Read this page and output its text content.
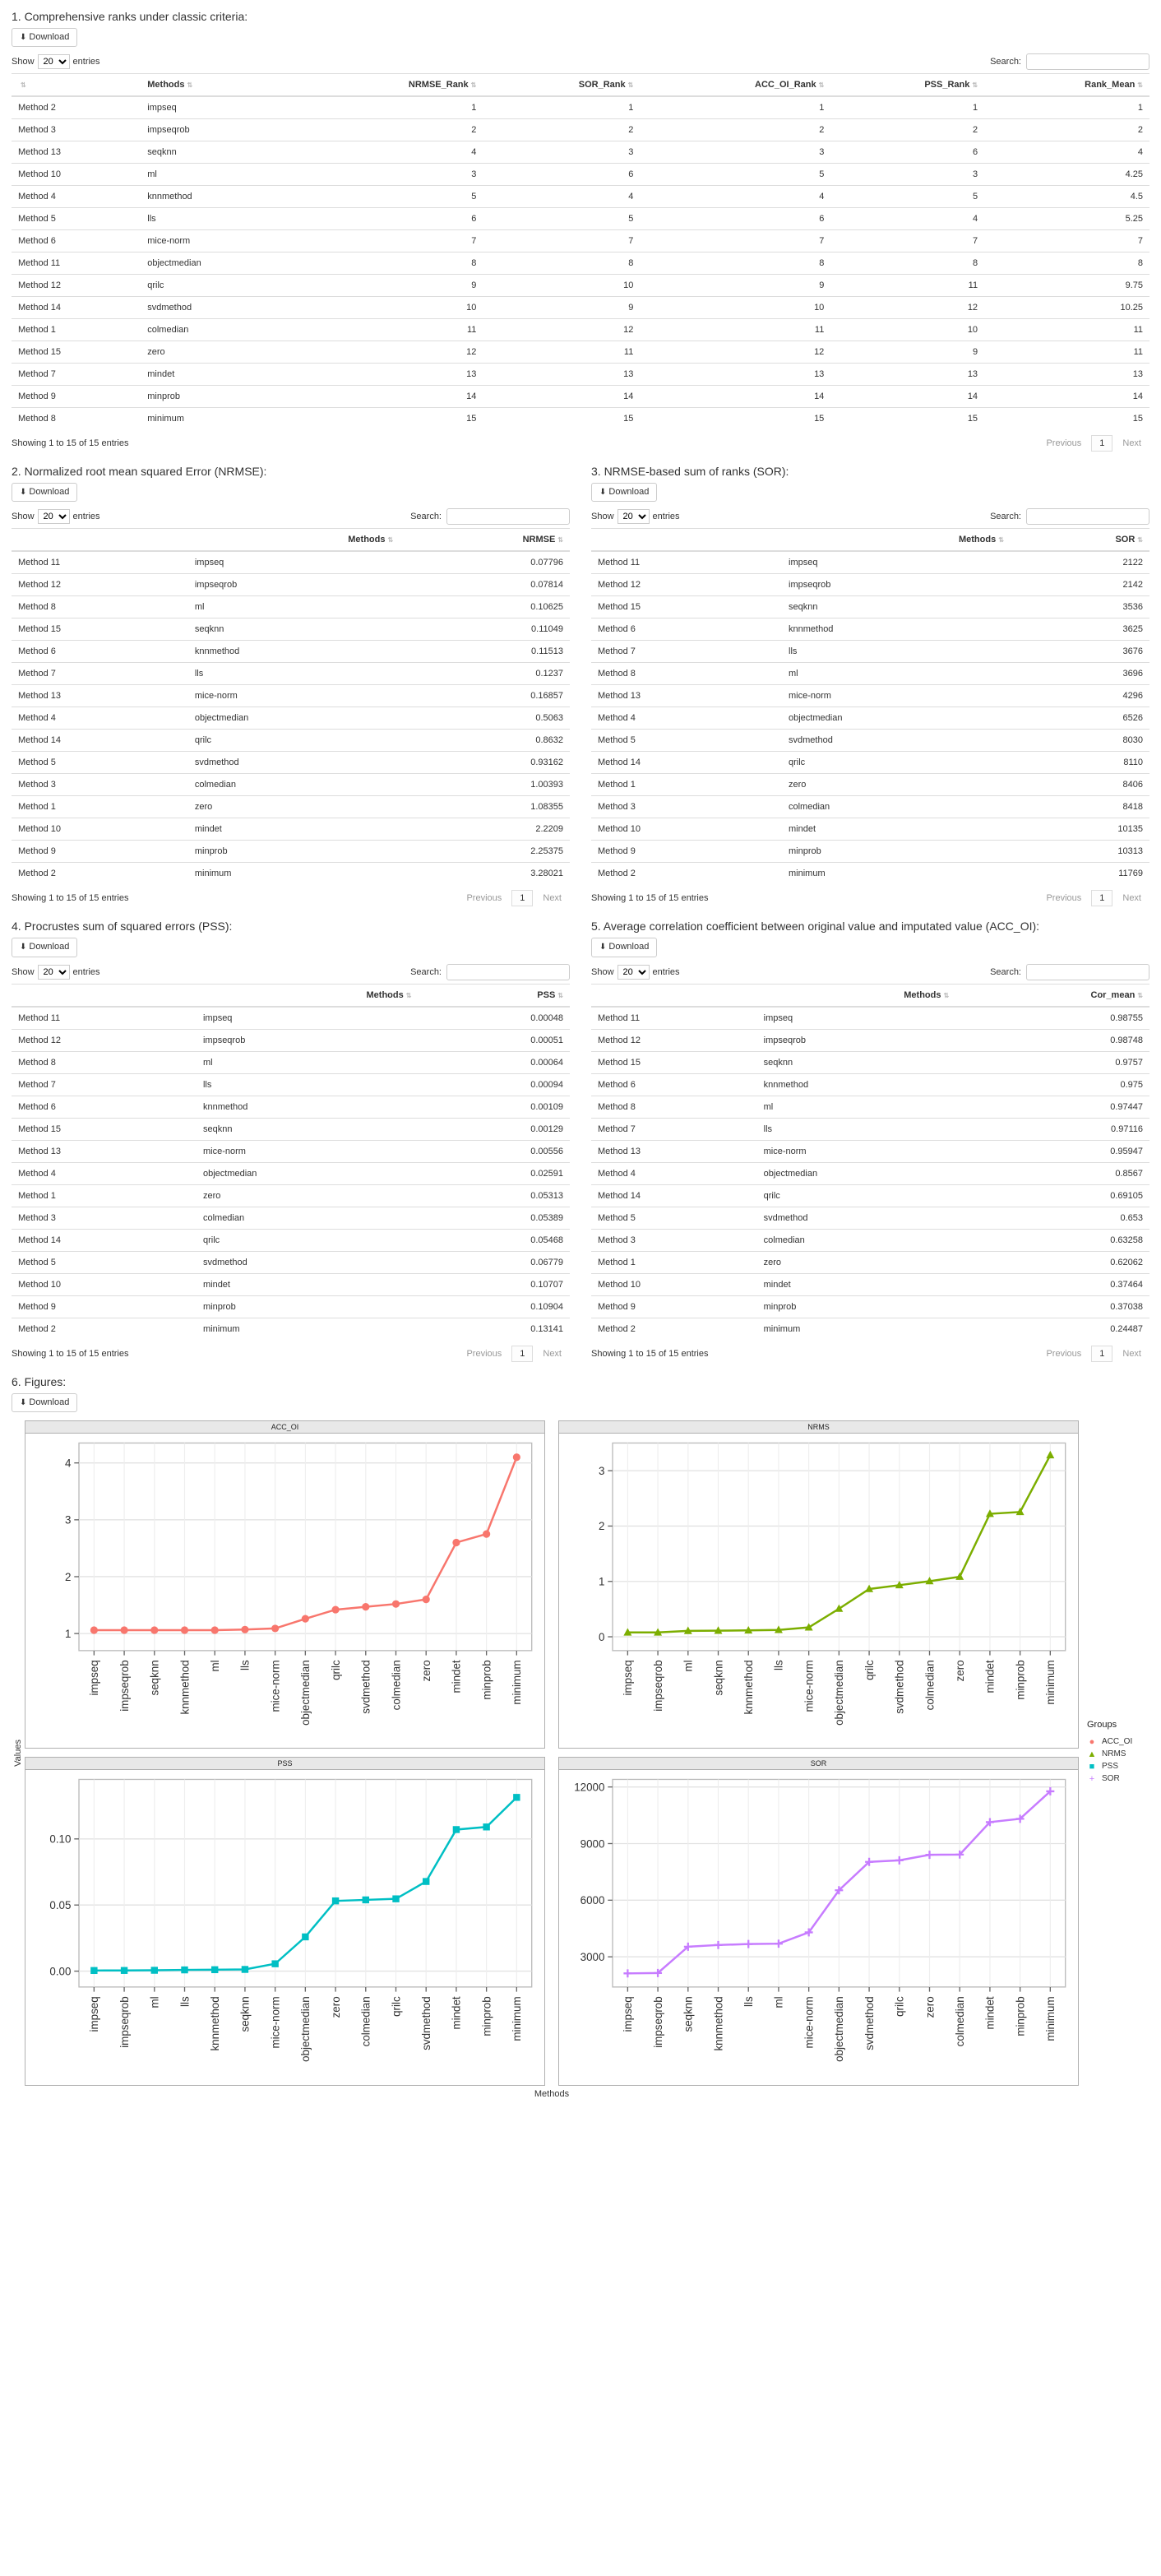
1. Comprehensive ranks under classic criteria:
⬇ Download
Show
20	entries	Search:
⇅	Methods ⇅	NRMSE_Rank ⇅	SOR_Rank ⇅	ACC_OI_Rank ⇅	PSS_Rank ⇅	Rank_Mean ⇅
Method 2	impseq	1	1	1	1	1
Method 3	impseqrob	2	2	2	2	2
Method 13	seqknn	4	3	3	6	4
Method 10	ml	3	6	5	3	4.25
Method 4	knnmethod	5	4	4	5	4.5
Method 5	lls	6	5	6	4	5.25
Method 6	mice-norm	7	7	7	7	7
Method 11	objectmedian	8	8	8	8	8
Method 12	qrilc	9	10	9	11	9.75
Method 14	svdmethod	10	9	10	12	10.25
Method 1	colmedian	11	12	11	10	11
Method 15	zero	12	11	12	9	11
Method 7	mindet	13	13	13	13	13
Method 9	minprob	14	14	14	14	14
Method 8	minimum	15	15	15	15	15
Showing 1 to 15 of 15 entries	Previous	1	Next
2. Normalized root mean squared Error (NRMSE):
⬇ Download
Show
20	entries	Search:
	Methods ⇅	NRMSE ⇅
Method 11	impseq	0.07796
Method 12	impseqrob	0.07814
Method 8	ml	0.10625
Method 15	seqknn	0.11049
Method 6	knnmethod	0.11513
Method 7	lls	0.1237
Method 13	mice-norm	0.16857
Method 4	objectmedian	0.5063
Method 14	qrilc	0.8632
Method 5	svdmethod	0.93162
Method 3	colmedian	1.00393
Method 1	zero	1.08355
Method 10	mindet	2.2209
Method 9	minprob	2.25375
Method 2	minimum	3.28021
Showing 1 to 15 of 15 entries	Previous	1	Next
3. NRMSE-based sum of ranks (SOR):
⬇ Download
Show
20	entries	Search:
	Methods ⇅	SOR ⇅
Method 11	impseq	2122
Method 12	impseqrob	2142
Method 15	seqknn	3536
Method 6	knnmethod	3625
Method 7	lls	3676
Method 8	ml	3696
Method 13	mice-norm	4296
Method 4	objectmedian	6526
Method 5	svdmethod	8030
Method 14	qrilc	8110
Method 1	zero	8406
Method 3	colmedian	8418
Method 10	mindet	10135
Method 9	minprob	10313
Method 2	minimum	11769
Showing 1 to 15 of 15 entries	Previous	1	Next
4. Procrustes sum of squared errors (PSS):
⬇ Download
Show
20	entries	Search:
	Methods ⇅	PSS ⇅
Method 11	impseq	0.00048
Method 12	impseqrob	0.00051
Method 8	ml	0.00064
Method 7	lls	0.00094
Method 6	knnmethod	0.00109
Method 15	seqknn	0.00129
Method 13	mice-norm	0.00556
Method 4	objectmedian	0.02591
Method 1	zero	0.05313
Method 3	colmedian	0.05389
Method 14	qrilc	0.05468
Method 5	svdmethod	0.06779
Method 10	mindet	0.10707
Method 9	minprob	0.10904
Method 2	minimum	0.13141
Showing 1 to 15 of 15 entries	Previous	1	Next
5. Average correlation coefficient between original value and imputated value (ACC_OI):
⬇ Download
Show
20	entries	Search:
	Methods ⇅	Cor_mean ⇅
Method 11	impseq	0.98755
Method 12	impseqrob	0.98748
Method 15	seqknn	0.9757
Method 6	knnmethod	0.975
Method 8	ml	0.97447
Method 7	lls	0.97116
Method 13	mice-norm	0.95947
Method 4	objectmedian	0.8567
Method 14	qrilc	0.69105
Method 5	svdmethod	0.653
Method 3	colmedian	0.63258
Method 1	zero	0.62062
Method 10	mindet	0.37464
Method 9	minprob	0.37038
Method 2	minimum	0.24487
Showing 1 to 15 of 15 entries	Previous	1	Next
6. Figures:
⬇ Download
Values
ACC_OI
1
2
3
4
impseq	impseqrob	seqknn	knnmethod	ml	lls	mice-norm	objectmedian	qrilc	svdmethod	colmedian	zero	mindet	minprob	minimum
NRMS
0
1
2
3
impseq	impseqrob	ml	seqknn	knnmethod	lls	mice-norm	objectmedian	qrilc	svdmethod	colmedian	zero	mindet	minprob	minimum
PSS
0.00
0.05
0.10
impseq	impseqrob	ml	lls	knnmethod	seqknn	mice-norm	objectmedian	zero	colmedian	qrilc	svdmethod	mindet	minprob	minimum
SOR
3000
6000
9000
12000
impseq	impseqrob	seqknn	knnmethod	lls	ml	mice-norm	objectmedian	svdmethod	qrilc	zero	colmedian	mindet	minprob	minimum
Groups
● ACC_OI
▲ NRMS
■ PSS
+ SOR
Methods
